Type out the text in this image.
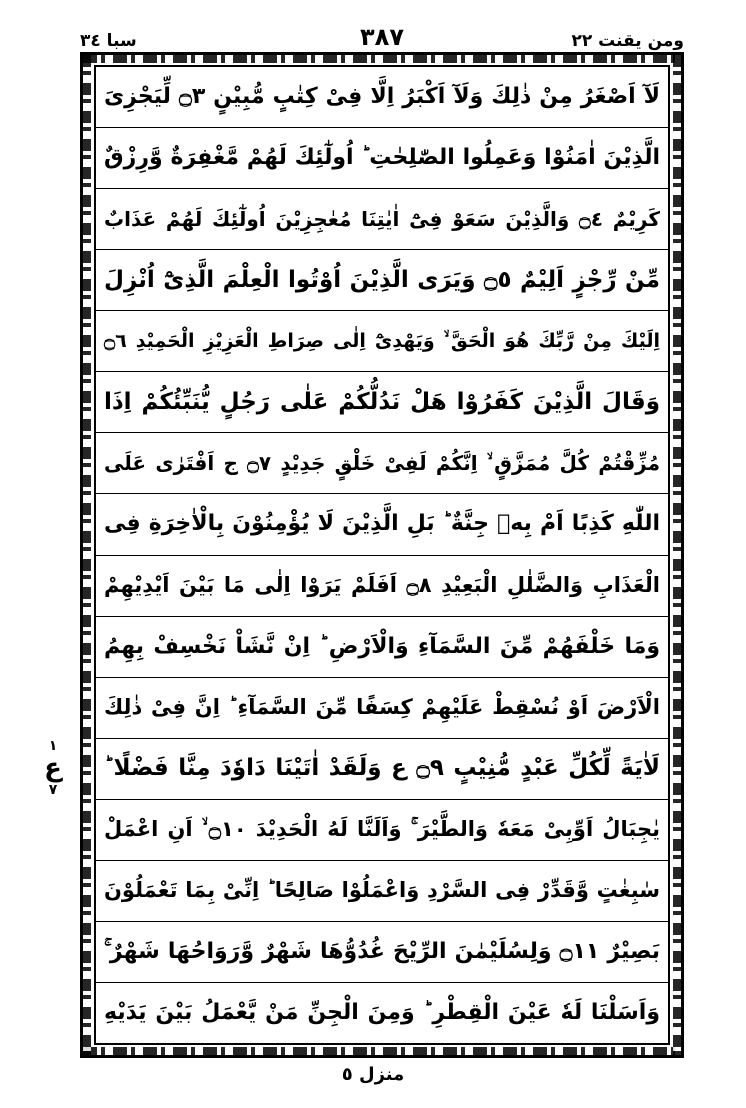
سبا ٣٤	٣٨٧	ومن يقنت ٢٢
لَآ اَصْغَرُ مِنْ ذٰلِكَ وَلَآ اَكْبَرُ اِلَّا فِىْ كِتٰبٍ مُّبِيْنٍ ۝٣ لِّيَجْزِىَ
الَّذِيْنَ اٰمَنُوْا وَعَمِلُوا الصّٰلِحٰتِ ؕ اُولٰٓئِكَ لَهُمْ مَّغْفِرَةٌ وَّرِزْقٌ
كَرِيْمٌ ۝٤ وَالَّذِيْنَ سَعَوْ فِىْٓ اٰيٰتِنَا مُعٰجِزِيْنَ اُولٰٓئِكَ لَهُمْ عَذَابٌ
مِّنْ رِّجْزٍ اَلِيْمٌ ۝٥ وَيَرَى الَّذِيْنَ اُوْتُوا الْعِلْمَ الَّذِىْٓ اُنْزِلَ
اِلَيْكَ مِنْ رَّبِّكَ هُوَ الْحَقَّ ۙ وَيَهْدِىْٓ اِلٰى صِرَاطِ الْعَزِيْزِ الْحَمِيْدِ ۝٦
وَقَالَ الَّذِيْنَ كَفَرُوْا هَلْ نَدُلُّكُمْ عَلٰى رَجُلٍ يُّنَبِّئُكُمْ اِذَا
مُزِّقْتُمْ كُلَّ مُمَزَّقٍ ۙ اِنَّكُمْ لَفِىْ خَلْقٍ جَدِيْدٍ ۝٧ ج اَفْتَرٰى عَلَى
اللّٰهِ كَذِبًا اَمْ بِهٖ جِنَّةٌ ؕ بَلِ الَّذِيْنَ لَا يُؤْمِنُوْنَ بِالْاٰخِرَةِ فِى
الْعَذَابِ وَالضَّلٰلِ الْبَعِيْدِ ۝٨ اَفَلَمْ يَرَوْا اِلٰى مَا بَيْنَ اَيْدِيْهِمْ
وَمَا خَلْفَهُمْ مِّنَ السَّمَآءِ وَالْاَرْضِ ؕ اِنْ نَّشَاْ نَخْسِفْ بِهِمُ
الْاَرْضَ اَوْ نُسْقِطْ عَلَيْهِمْ كِسَفًا مِّنَ السَّمَآءِ ؕ اِنَّ فِىْ ذٰلِكَ
لَاٰيَةً لِّكُلِّ عَبْدٍ مُّنِيْبٍ ۝٩ ع وَلَقَدْ اٰتَيْنَا دَاوٗدَ مِنَّا فَضْلًا ؕ
يٰجِبَالُ اَوِّبِىْ مَعَهٗ وَالطَّيْرَ ۚ وَاَلَنَّا لَهُ الْحَدِيْدَ ۝١٠ ۙ اَنِ اعْمَلْ
سٰبِغٰتٍ وَّقَدِّرْ فِى السَّرْدِ وَاعْمَلُوْا صَالِحًا ؕ اِنِّىْ بِمَا تَعْمَلُوْنَ
بَصِيْرٌ ۝١١ وَلِسُلَيْمٰنَ الرِّيْحَ غُدُوُّهَا شَهْرٌ وَّرَوَاحُهَا شَهْرٌ ۚ
وَاَسَلْنَا لَهٗ عَيْنَ الْقِطْرِ ؕ وَمِنَ الْجِنِّ مَنْ يَّعْمَلُ بَيْنَ يَدَيْهِ
١
ع
٧
منزل ٥
